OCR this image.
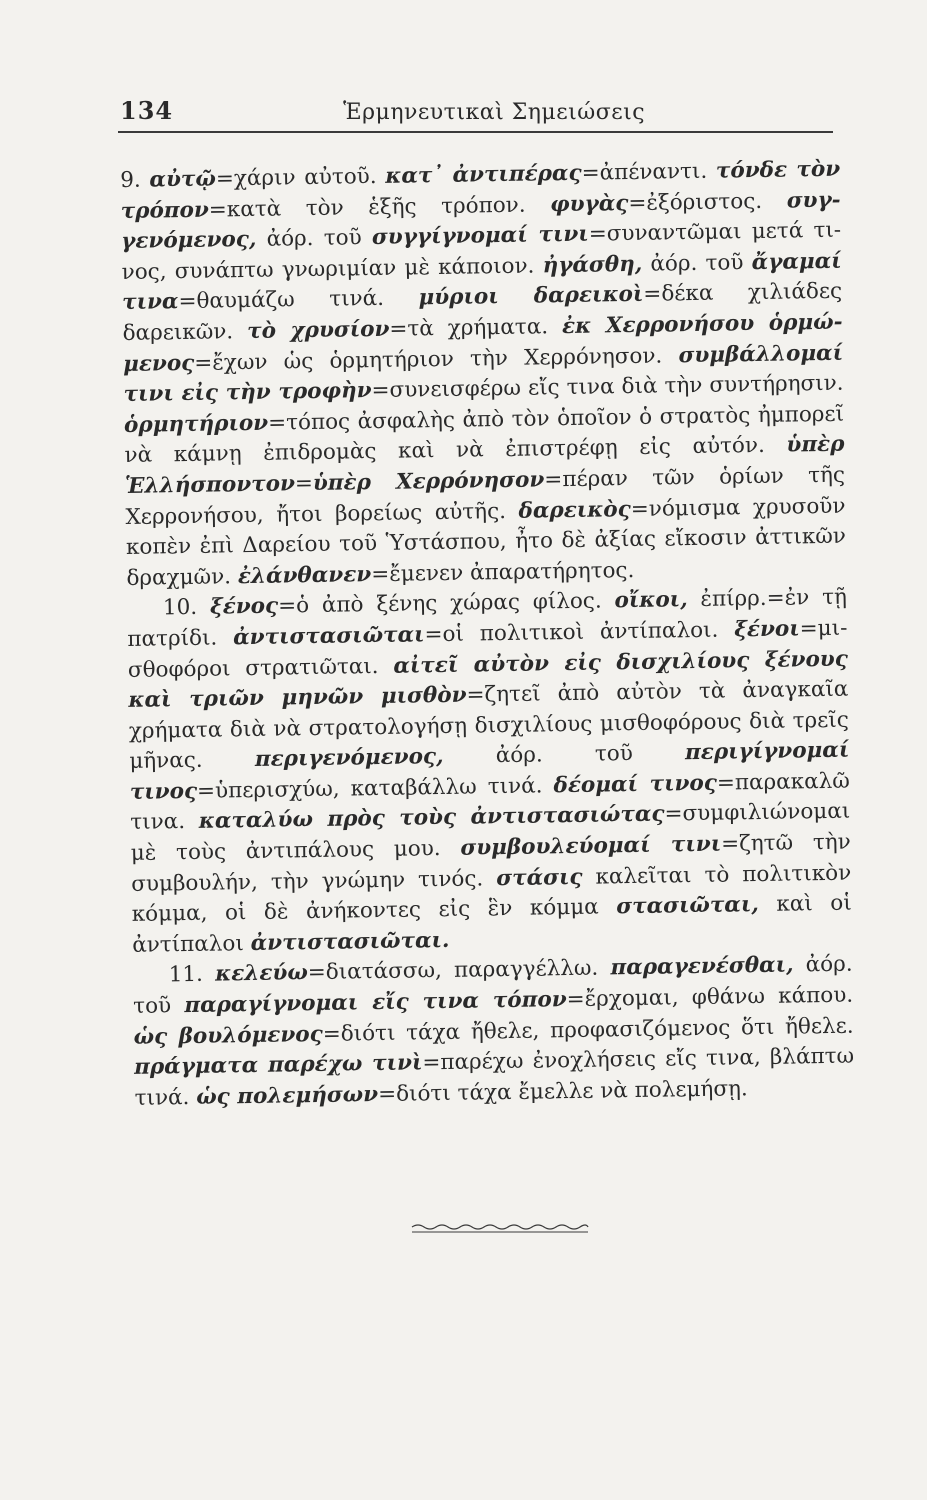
134	Ἑρμηνευτικαὶ Σημειώσεις

9. αὐτῷ=χάριν αὐτοῦ. κατ᾽ ἀντιπέρας=ἀπέναντι. τόνδε τὸν τρόπον=κατὰ τὸν ἑξῆς τρόπον. φυγὰς=ἐξόριστος. συγγενόμενος, ἀόρ. τοῦ συγγίγνομαί τινι=συναντῶμαι μετά τινος, συνάπτω γνωριμίαν μὲ κάποιον. ἠγάσθη, ἀόρ. τοῦ ἄγαμαί τινα=θαυμάζω τινά. μύριοι δαρεικοὶ=δέκα χιλιάδες δαρεικῶν. τὸ χρυσίον=τὰ χρήματα. ἐκ Χερρονήσου ὁρμώμενος=ἔχων ὡς ὁρμητήριον τὴν Χερρόνησον. συμβάλλομαί τινι εἰς τὴν τροφὴν=συνεισφέρω εἴς τινα διὰ τὴν συντήρησιν. ὁρμητήριον=τόπος ἀσφαλὴς ἀπὸ τὸν ὁποῖον ὁ στρατὸς ἠμπορεῖ νὰ κάμνῃ ἐπιδρομὰς καὶ νὰ ἐπιστρέφῃ εἰς αὐτόν. ὑπὲρ Ἑλλήσποντον=ὑπὲρ Χερρόνησον=πέραν τῶν ὁρίων τῆς Χερρονήσου, ἤτοι βορείως αὐτῆς. δαρεικὸς=νόμισμα χρυσοῦν κοπὲν ἐπὶ Δαρείου τοῦ Ὑστάσπου, ἦτο δὲ ἀξίας εἴκοσιν ἀττικῶν δραχμῶν. ἐλάνθανεν=ἔμενεν ἀπαρατήρητος.

10. ξένος=ὁ ἀπὸ ξένης χώρας φίλος. οἴκοι, ἐπίρρ.=ἐν τῇ πατρίδι. ἀντιστασιῶται=οἱ πολιτικοὶ ἀντίπαλοι. ξένοι=μισθοφόροι στρατιῶται. αἰτεῖ αὐτὸν εἰς δισχιλίους ξένους καὶ τριῶν μηνῶν μισθὸν=ζητεῖ ἀπὸ αὐτὸν τὰ ἀναγκαῖα χρήματα διὰ νὰ στρατολογήσῃ δισχιλίους μισθοφόρους διὰ τρεῖς μῆνας. περιγενόμενος, ἀόρ. τοῦ περιγίγνομαί τινος=ὑπερισχύω, καταβάλλω τινά. δέομαί τινος=παρακαλῶ τινα. καταλύω πρὸς τοὺς ἀντιστασιώτας=συμφιλιώνομαι μὲ τοὺς ἀντιπάλους μου. συμβουλεύομαί τινι=ζητῶ τὴν συμβουλήν, τὴν γνώμην τινός. στάσις καλεῖται τὸ πολιτικὸν κόμμα, οἱ δὲ ἀνήκοντες εἰς ἓν κόμμα στασιῶται, καὶ οἱ ἀντίπαλοι ἀντιστασιῶται.

11. κελεύω=διατάσσω, παραγγέλλω. παραγενέσθαι, ἀόρ. τοῦ παραγίγνομαι εἴς τινα τόπον=ἔρχομαι, φθάνω κάπου. ὡς βουλόμενος=διότι τάχα ἤθελε, προφασιζόμενος ὅτι ἤθελε. πράγματα παρέχω τινὶ=παρέχω ἐνοχλήσεις εἴς τινα, βλάπτω τινά. ὡς πολεμήσων=διότι τάχα ἔμελλε νὰ πολεμήσῃ.
